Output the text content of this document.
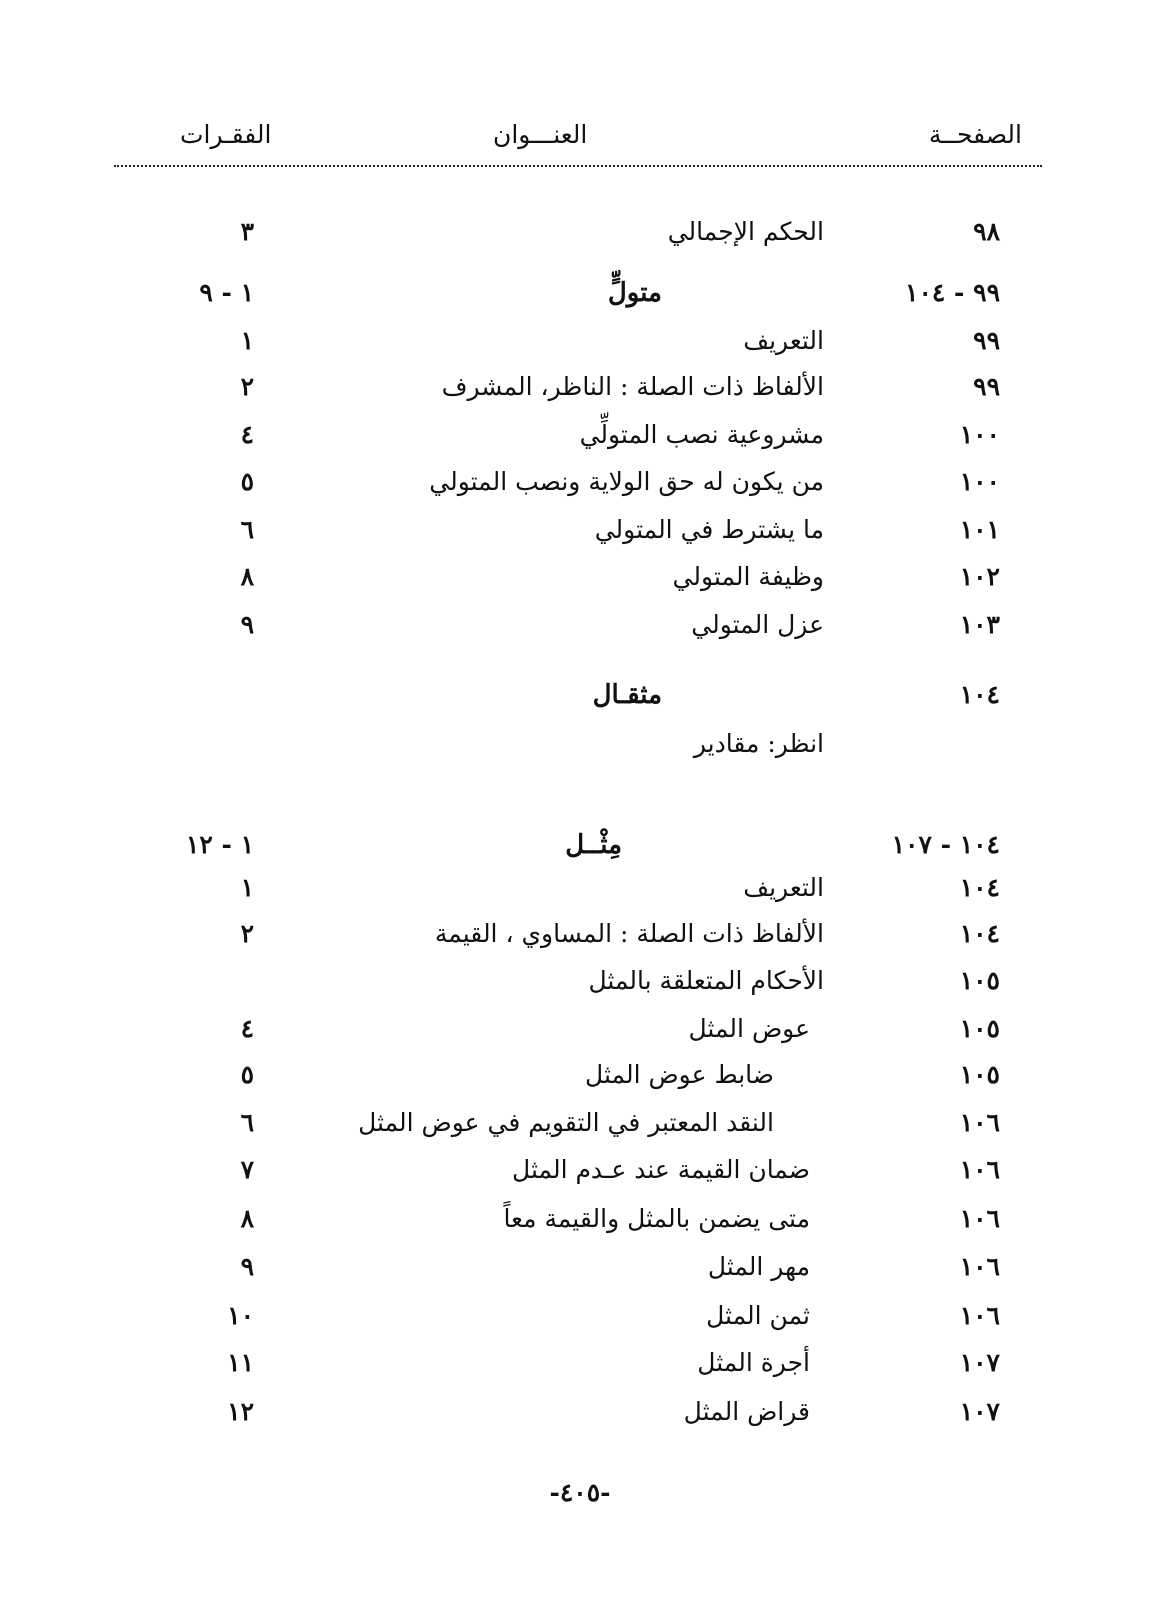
الصفحــة
العنـــوان
الفقـرات
٩٨
الحكم الإجمالي
٣
٩٩ - ١٠٤
متولٍّ
١ - ٩
٩٩
التعريف
١
٩٩
الألفاظ ذات الصلة : الناظر، المشرف
٢
١٠٠
مشروعية نصب المتولِّي
٤
١٠٠
من يكون له حق الولاية ونصب المتولي
٥
١٠١
ما يشترط في المتولي
٦
١٠٢
وظيفة المتولي
٨
١٠٣
عزل المتولي
٩
١٠٤
مثقـال
انظر: مقادير
١٠٤ - ١٠٧
مِثْــل
١ - ١٢
١٠٤
التعريف
١
١٠٤
الألفاظ ذات الصلة : المساوي ، القيمة
٢
١٠٥
الأحكام المتعلقة بالمثل
١٠٥
عوض المثل
٤
١٠٥
ضابط عوض المثل
٥
١٠٦
النقد المعتبر في التقويم في عوض المثل
٦
١٠٦
ضمان القيمة عند عـدم المثل
٧
١٠٦
متى يضمن بالمثل والقيمة معاً
٨
١٠٦
مهر المثل
٩
١٠٦
ثمن المثل
١٠
١٠٧
أجرة المثل
١١
١٠٧
قراض المثل
١٢
-٤٠٥-
